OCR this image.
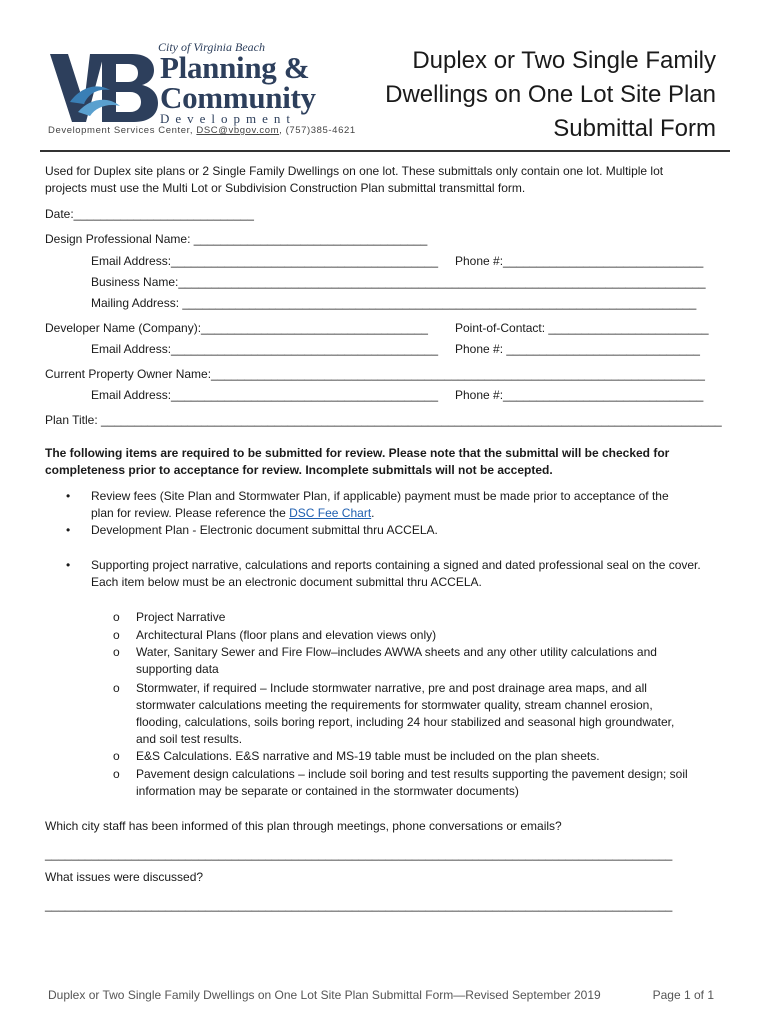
City of Virginia Beach
Planning &
Community
Development
Development Services Center, DSC@vbgov.com, (757)385-4621
Duplex or Two Single Family
Dwellings on One Lot Site Plan
Submittal Form
Used for Duplex site plans or 2 Single Family Dwellings on one lot. These submittals only contain one lot. Multiple lot
projects must use the Multi Lot or Subdivision Construction Plan submittal transmittal form.
Date:___________________________
Design Professional Name: ___________________________________
Email Address:________________________________________ Phone #:______________________________
Business Name:_______________________________________________________________________________
Mailing Address: _____________________________________________________________________________
Developer Name (Company):__________________________________ Point-of-Contact: ________________________
Email Address:________________________________________ Phone #: _____________________________
Current Property Owner Name:__________________________________________________________________________
Email Address:________________________________________ Phone #:______________________________
Plan Title: _____________________________________________________________________________________________
The following items are required to be submitted for review. Please note that the submittal will be checked for
completeness prior to acceptance for review. Incomplete submittals will not be accepted.
• Review fees (Site Plan and Stormwater Plan, if applicable) payment must be made prior to acceptance of the
plan for review. Please reference the DSC Fee Chart.
• Development Plan - Electronic document submittal thru ACCELA.
• Supporting project narrative, calculations and reports containing a signed and dated professional seal on the cover.
Each item below must be an electronic document submittal thru ACCELA.
o Project Narrative
o Architectural Plans (floor plans and elevation views only)
o Water, Sanitary Sewer and Fire Flow–includes AWWA sheets and any other utility calculations and
supporting data
o Stormwater, if required – Include stormwater narrative, pre and post drainage area maps, and all
stormwater calculations meeting the requirements for stormwater quality, stream channel erosion,
flooding, calculations, soils boring report, including 24 hour stabilized and seasonal high groundwater,
and soil test results.
o E&S Calculations. E&S narrative and MS-19 table must be included on the plan sheets.
o Pavement design calculations – include soil boring and test results supporting the pavement design; soil
information may be separate or contained in the stormwater documents)
Which city staff has been informed of this plan through meetings, phone conversations or emails?
______________________________________________________________________________________________
What issues were discussed?
______________________________________________________________________________________________
Duplex or Two Single Family Dwellings on One Lot Site Plan Submittal Form—Revised September 2019	Page 1 of 1
